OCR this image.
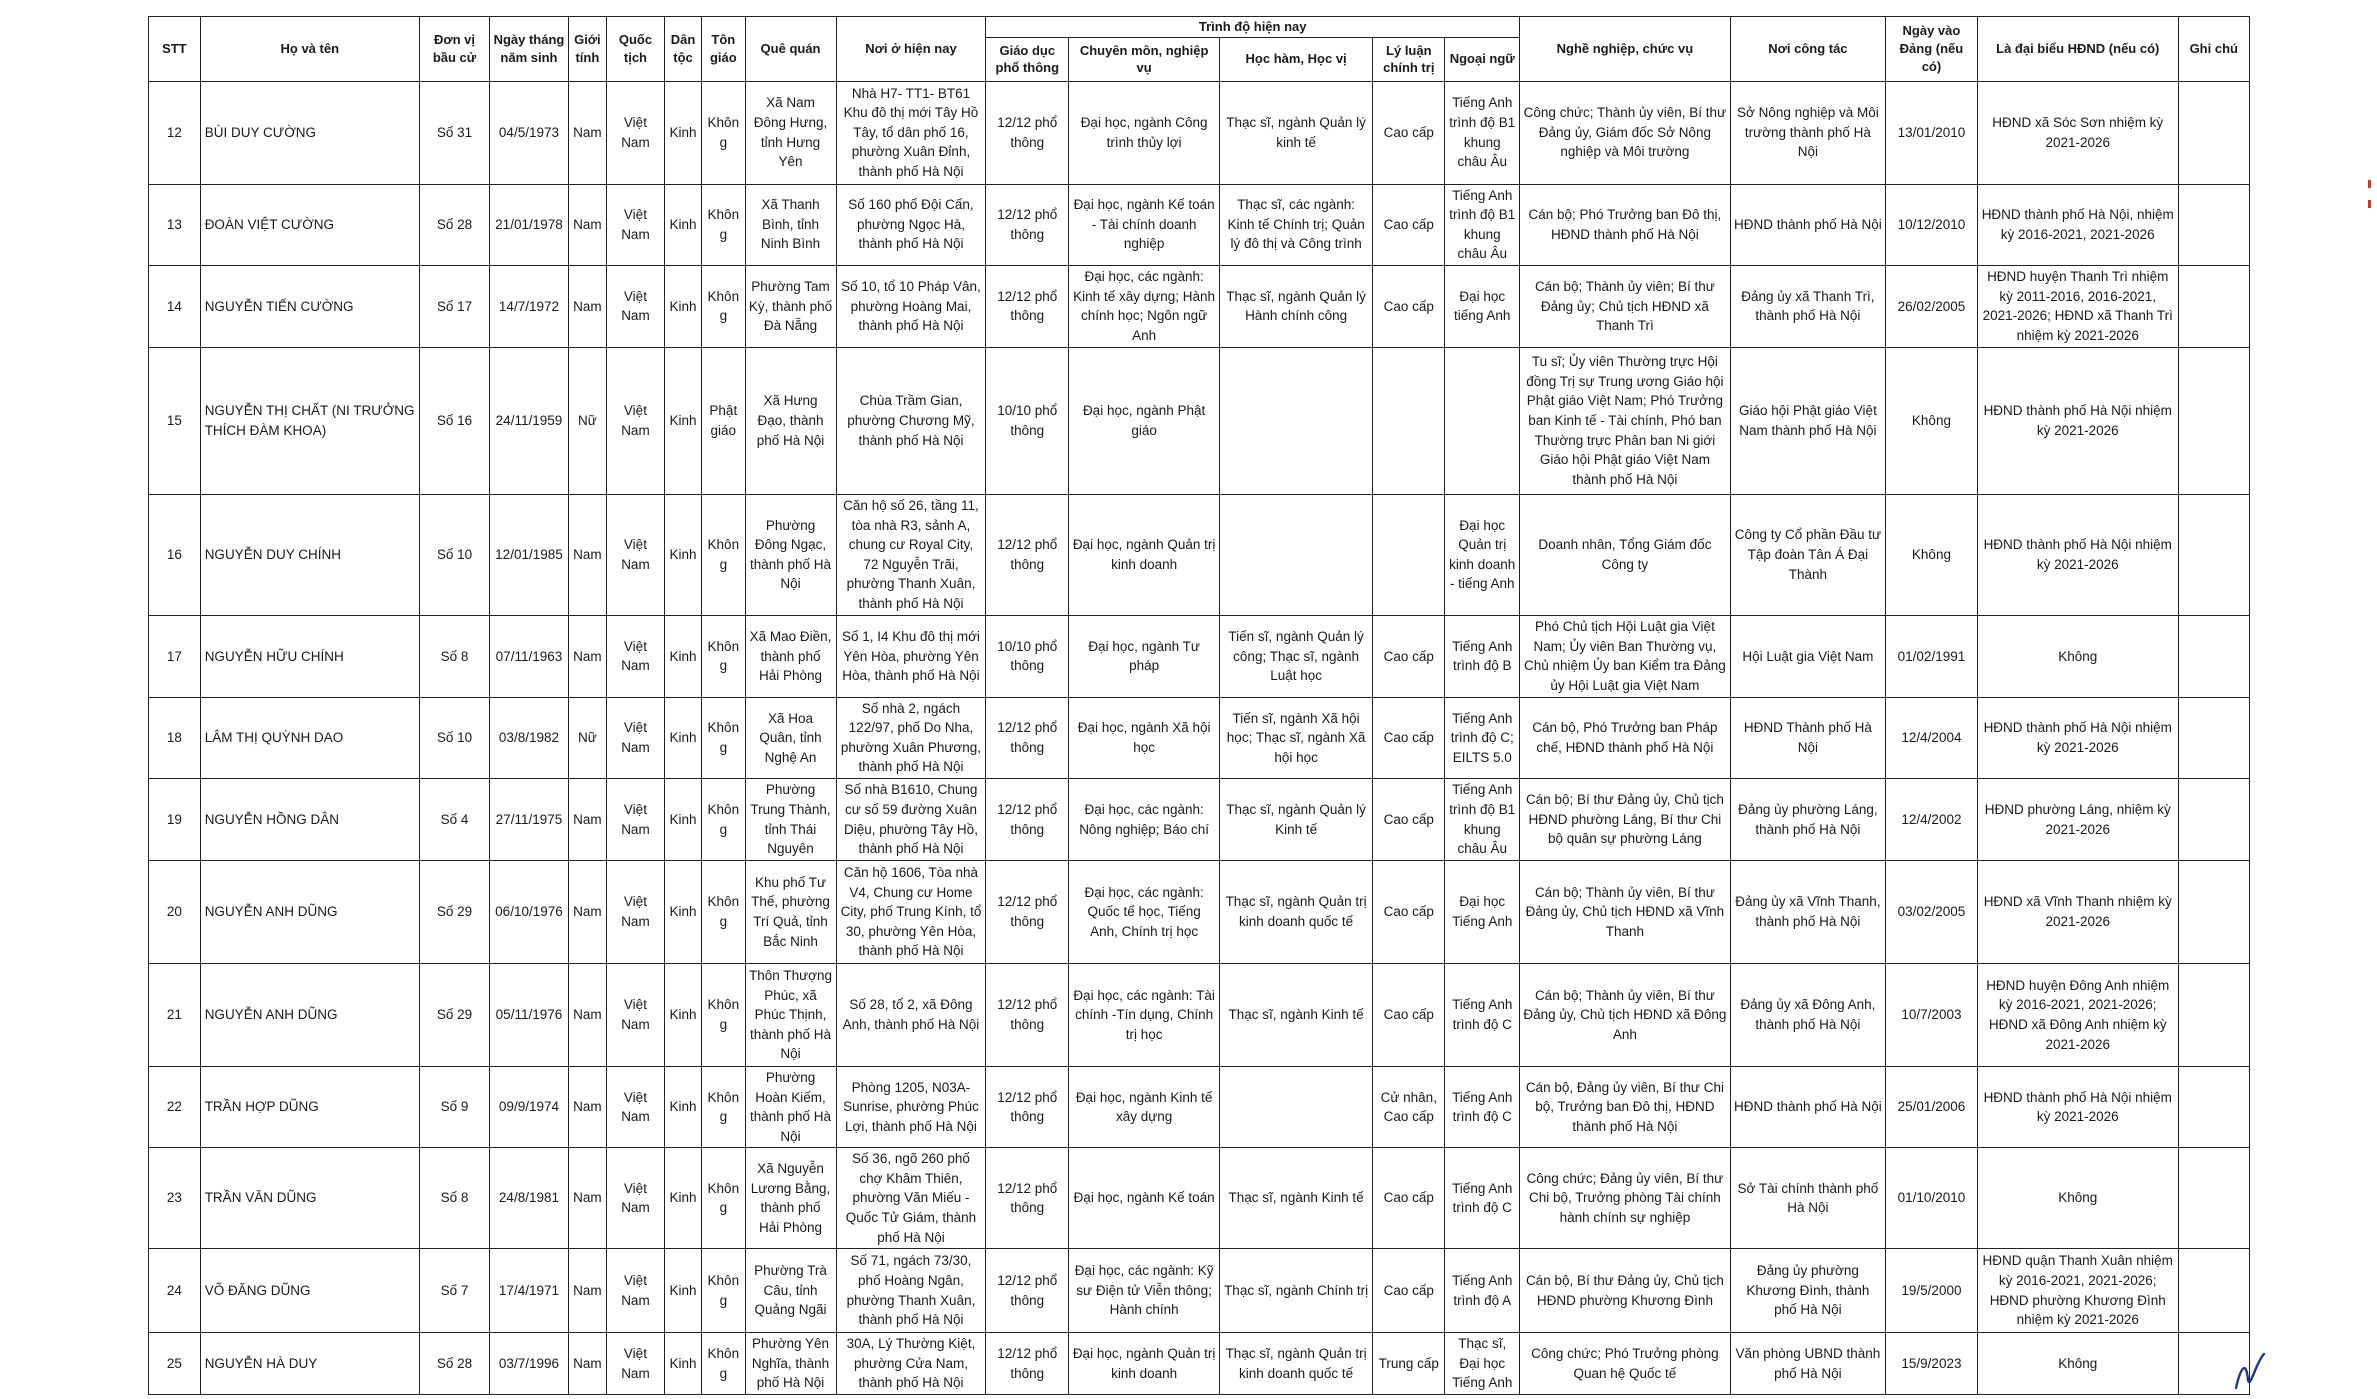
STT	Họ và tên	Đơn vị bầu cử	Ngày tháng năm sinh	Giới tính	Quốc tịch	Dân tộc	Tôn giáo	Quê quán	Nơi ở hiện nay	Trình độ hiện nay					Nghề nghiệp, chức vụ	Nơi công tác	Ngày vào Đảng (nếu có)	Là đại biểu HĐND (nếu có)	Ghi chú
										Giáo dục phổ thông	Chuyên môn, nghiệp vụ	Học hàm, Học vị	Lý luận chính trị	Ngoại ngữ					
12	BÙI DUY CƯỜNG	Số 31	04/5/1973	Nam	Việt Nam	Kinh	Không	Xã Nam Đông Hưng, tỉnh Hưng Yên	Nhà H7- TT1- BT61 Khu đô thị mới Tây Hồ Tây, tổ dân phố 16, phường Xuân Đỉnh, thành phố Hà Nội	12/12 phổ thông	Đại học, ngành Công trình thủy lợi	Thạc sĩ, ngành Quản lý kinh tế	Cao cấp	Tiếng Anh trình độ B1 khung châu Âu	Công chức; Thành ủy viên, Bí thư Đảng ủy, Giám đốc Sở Nông nghiệp và Môi trường	Sở Nông nghiệp và Môi trường thành phố Hà Nội	13/01/2010	HĐND xã Sóc Sơn nhiệm kỳ 2021-2026	
13	ĐOÀN VIỆT CƯỜNG	Số 28	21/01/1978	Nam	Việt Nam	Kinh	Không	Xã Thanh Bình, tỉnh Ninh Bình	Số 160 phố Đội Cấn, phường Ngọc Hà, thành phố Hà Nội	12/12 phổ thông	Đại học, ngành Kế toán - Tài chính doanh nghiệp	Thạc sĩ, các ngành: Kinh tế Chính trị; Quản lý đô thị và Công trình	Cao cấp	Tiếng Anh trình độ B1 khung châu Âu	Cán bộ; Phó Trưởng ban Đô thị, HĐND thành phố Hà Nội	HĐND thành phố Hà Nội	10/12/2010	HĐND thành phố Hà Nội, nhiệm kỳ 2016-2021, 2021-2026	
14	NGUYỄN TIẾN CƯỜNG	Số 17	14/7/1972	Nam	Việt Nam	Kinh	Không	Phường Tam Kỳ, thành phố Đà Nẵng	Số 10, tổ 10 Pháp Vân, phường Hoàng Mai, thành phố Hà Nội	12/12 phổ thông	Đại học, các ngành: Kinh tế xây dựng; Hành chính học; Ngôn ngữ Anh	Thạc sĩ, ngành Quản lý Hành chính công	Cao cấp	Đại học tiếng Anh	Cán bộ; Thành ủy viên; Bí thư Đảng ủy; Chủ tịch HĐND xã Thanh Trì	Đảng ủy xã Thanh Trì, thành phố Hà Nội	26/02/2005	HĐND huyện Thanh Trì nhiệm kỳ 2011-2016, 2016-2021, 2021-2026; HĐND xã Thanh Trì nhiệm kỳ 2021-2026	
15	NGUYỄN THỊ CHẤT (NI TRƯỞNG THÍCH ĐÀM KHOA)	Số 16	24/11/1959	Nữ	Việt Nam	Kinh	Phật giáo	Xã Hưng Đạo, thành phố Hà Nội	Chùa Trầm Gian, phường Chương Mỹ, thành phố Hà Nội	10/10 phổ thông	Đại học, ngành Phật giáo				Tu sĩ; Ủy viên Thường trực Hội đồng Trị sự Trung ương Giáo hội Phật giáo Việt Nam; Phó Trưởng ban Kinh tế - Tài chính, Phó ban Thường trực Phân ban Ni giới Giáo hội Phật giáo Việt Nam thành phố Hà Nội	Giáo hội Phật giáo Việt Nam thành phố Hà Nội	Không	HĐND thành phố Hà Nội nhiệm kỳ 2021-2026	
16	NGUYỄN DUY CHÍNH	Số 10	12/01/1985	Nam	Việt Nam	Kinh	Không	Phường Đông Ngạc, thành phố Hà Nội	Căn hộ số 26, tầng 11, tòa nhà R3, sảnh A, chung cư Royal City, 72 Nguyễn Trãi, phường Thanh Xuân, thành phố Hà Nội	12/12 phổ thông	Đại học, ngành Quản trị kinh doanh			Đại học Quản trị kinh doanh - tiếng Anh	Doanh nhân, Tổng Giám đốc Công ty	Công ty Cổ phần Đầu tư Tập đoàn Tân Á Đại Thành	Không	HĐND thành phố Hà Nội nhiệm kỳ 2021-2026	
17	NGUYỄN HỮU CHÍNH	Số 8	07/11/1963	Nam	Việt Nam	Kinh	Không	Xã Mao Điền, thành phố Hải Phòng	Số 1, I4 Khu đô thị mới Yên Hòa, phường Yên Hòa, thành phố Hà Nội	10/10 phổ thông	Đại học, ngành Tư pháp	Tiến sĩ, ngành Quản lý công; Thạc sĩ, ngành Luật học	Cao cấp	Tiếng Anh trình độ B	Phó Chủ tịch Hội Luật gia Việt Nam; Ủy viên Ban Thường vụ, Chủ nhiệm Ủy ban Kiểm tra Đảng ủy Hội Luật gia Việt Nam	Hội Luật gia Việt Nam	01/02/1991	Không	
18	LÂM THỊ QUỲNH DAO	Số 10	03/8/1982	Nữ	Việt Nam	Kinh	Không	Xã Hoa Quân, tỉnh Nghệ An	Số nhà 2, ngách 122/97, phố Do Nha, phường Xuân Phương, thành phố Hà Nội	12/12 phổ thông	Đại học, ngành Xã hội học	Tiến sĩ, ngành Xã hội học; Thạc sĩ, ngành Xã hội học	Cao cấp	Tiếng Anh trình độ C; EILTS 5.0	Cán bộ, Phó Trưởng ban Pháp chế, HĐND thành phố Hà Nội	HĐND Thành phố Hà Nội	12/4/2004	HĐND thành phố Hà Nội nhiệm kỳ 2021-2026	
19	NGUYỄN HỒNG DÂN	Số 4	27/11/1975	Nam	Việt Nam	Kinh	Không	Phường Trung Thành, tỉnh Thái Nguyên	Số nhà B1610, Chung cư số 59 đường Xuân Diệu, phường Tây Hồ, thành phố Hà Nội	12/12 phổ thông	Đại học, các ngành: Nông nghiệp; Báo chí	Thạc sĩ, ngành Quản lý Kinh tế	Cao cấp	Tiếng Anh trình độ B1 khung châu Âu	Cán bộ; Bí thư Đảng ủy, Chủ tịch HĐND phường Láng, Bí thư Chi bộ quân sự phường Láng	Đảng ủy phường Láng, thành phố Hà Nội	12/4/2002	HĐND phường Láng, nhiệm kỳ 2021-2026	
20	NGUYỄN ANH DŨNG	Số 29	06/10/1976	Nam	Việt Nam	Kinh	Không	Khu phố Tư Thế, phường Trí Quả, tỉnh Bắc Ninh	Căn hộ 1606, Tòa nhà V4, Chung cư Home City, phố Trung Kính, tổ 30, phường Yên Hòa, thành phố Hà Nội	12/12 phổ thông	Đại học, các ngành: Quốc tế học, Tiếng Anh, Chính trị học	Thạc sĩ, ngành Quản trị kinh doanh quốc tế	Cao cấp	Đại học Tiếng Anh	Cán bộ; Thành ủy viên, Bí thư Đảng ủy, Chủ tịch HĐND xã Vĩnh Thanh	Đảng ủy xã Vĩnh Thanh, thành phố Hà Nội	03/02/2005	HĐND xã Vĩnh Thanh nhiệm kỳ 2021-2026	
21	NGUYỄN ANH DŨNG	Số 29	05/11/1976	Nam	Việt Nam	Kinh	Không	Thôn Thượng Phúc, xã Phúc Thịnh, thành phố Hà Nội	Số 28, tổ 2, xã Đông Anh, thành phố Hà Nội	12/12 phổ thông	Đại học, các ngành: Tài chính -Tín dụng, Chính trị học	Thạc sĩ, ngành Kinh tế	Cao cấp	Tiếng Anh trình độ C	Cán bộ; Thành ủy viên, Bí thư Đảng ủy, Chủ tịch HĐND xã Đông Anh	Đảng ủy xã Đông Anh, thành phố Hà Nội	10/7/2003	HĐND huyện Đông Anh nhiệm kỳ 2016-2021, 2021-2026; HĐND xã Đông Anh nhiệm kỳ 2021-2026	
22	TRẦN HỢP DŨNG	Số 9	09/9/1974	Nam	Việt Nam	Kinh	Không	Phường Hoàn Kiếm, thành phố Hà Nội	Phòng 1205, N03A-Sunrise, phường Phúc Lợi, thành phố Hà Nội	12/12 phổ thông	Đại học, ngành Kinh tế xây dựng		Cử nhân, Cao cấp	Tiếng Anh trình độ C	Cán bộ, Đảng ủy viên, Bí thư Chi bộ, Trưởng ban Đô thị, HĐND thành phố Hà Nội	HĐND thành phố Hà Nội	25/01/2006	HĐND thành phố Hà Nội nhiệm kỳ 2021-2026	
23	TRẦN VĂN DŨNG	Số 8	24/8/1981	Nam	Việt Nam	Kinh	Không	Xã Nguyễn Lương Bằng, thành phố Hải Phòng	Số 36, ngõ 260 phố chợ Khâm Thiên, phường Văn Miếu - Quốc Tử Giám, thành phố Hà Nội	12/12 phổ thông	Đại học, ngành Kế toán	Thạc sĩ, ngành Kinh tế	Cao cấp	Tiếng Anh trình độ C	Công chức; Đảng ủy viên, Bí thư Chi bộ, Trưởng phòng Tài chính hành chính sự nghiệp	Sở Tài chính thành phố Hà Nội	01/10/2010	Không	
24	VÕ ĐĂNG DŨNG	Số 7	17/4/1971	Nam	Việt Nam	Kinh	Không	Phường Trà Câu, tỉnh Quảng Ngãi	Số 71, ngách 73/30, phố Hoàng Ngân, phường Thanh Xuân, thành phố Hà Nội	12/12 phổ thông	Đại học, các ngành: Kỹ sư Điện tử Viễn thông; Hành chính	Thạc sĩ, ngành Chính trị	Cao cấp	Tiếng Anh trình độ A	Cán bộ, Bí thư Đảng ủy, Chủ tịch HĐND phường Khương Đình	Đảng ủy phường Khương Đình, thành phố Hà Nội	19/5/2000	HĐND quận Thanh Xuân nhiệm kỳ 2016-2021, 2021-2026; HĐND phường Khương Đình nhiệm kỳ 2021-2026	
25	NGUYỄN HÀ DUY	Số 28	03/7/1996	Nam	Việt Nam	Kinh	Không	Phường Yên Nghĩa, thành phố Hà Nội	30A, Lý Thường Kiệt, phường Cửa Nam, thành phố Hà Nội	12/12 phổ thông	Đại học, ngành Quản trị kinh doanh	Thạc sĩ, ngành Quản trị kinh doanh quốc tế	Trung cấp	Thạc sĩ, Đại học Tiếng Anh	Công chức; Phó Trưởng phòng Quan hệ Quốc tế	Văn phòng UBND thành phố Hà Nội	15/9/2023	Không	
